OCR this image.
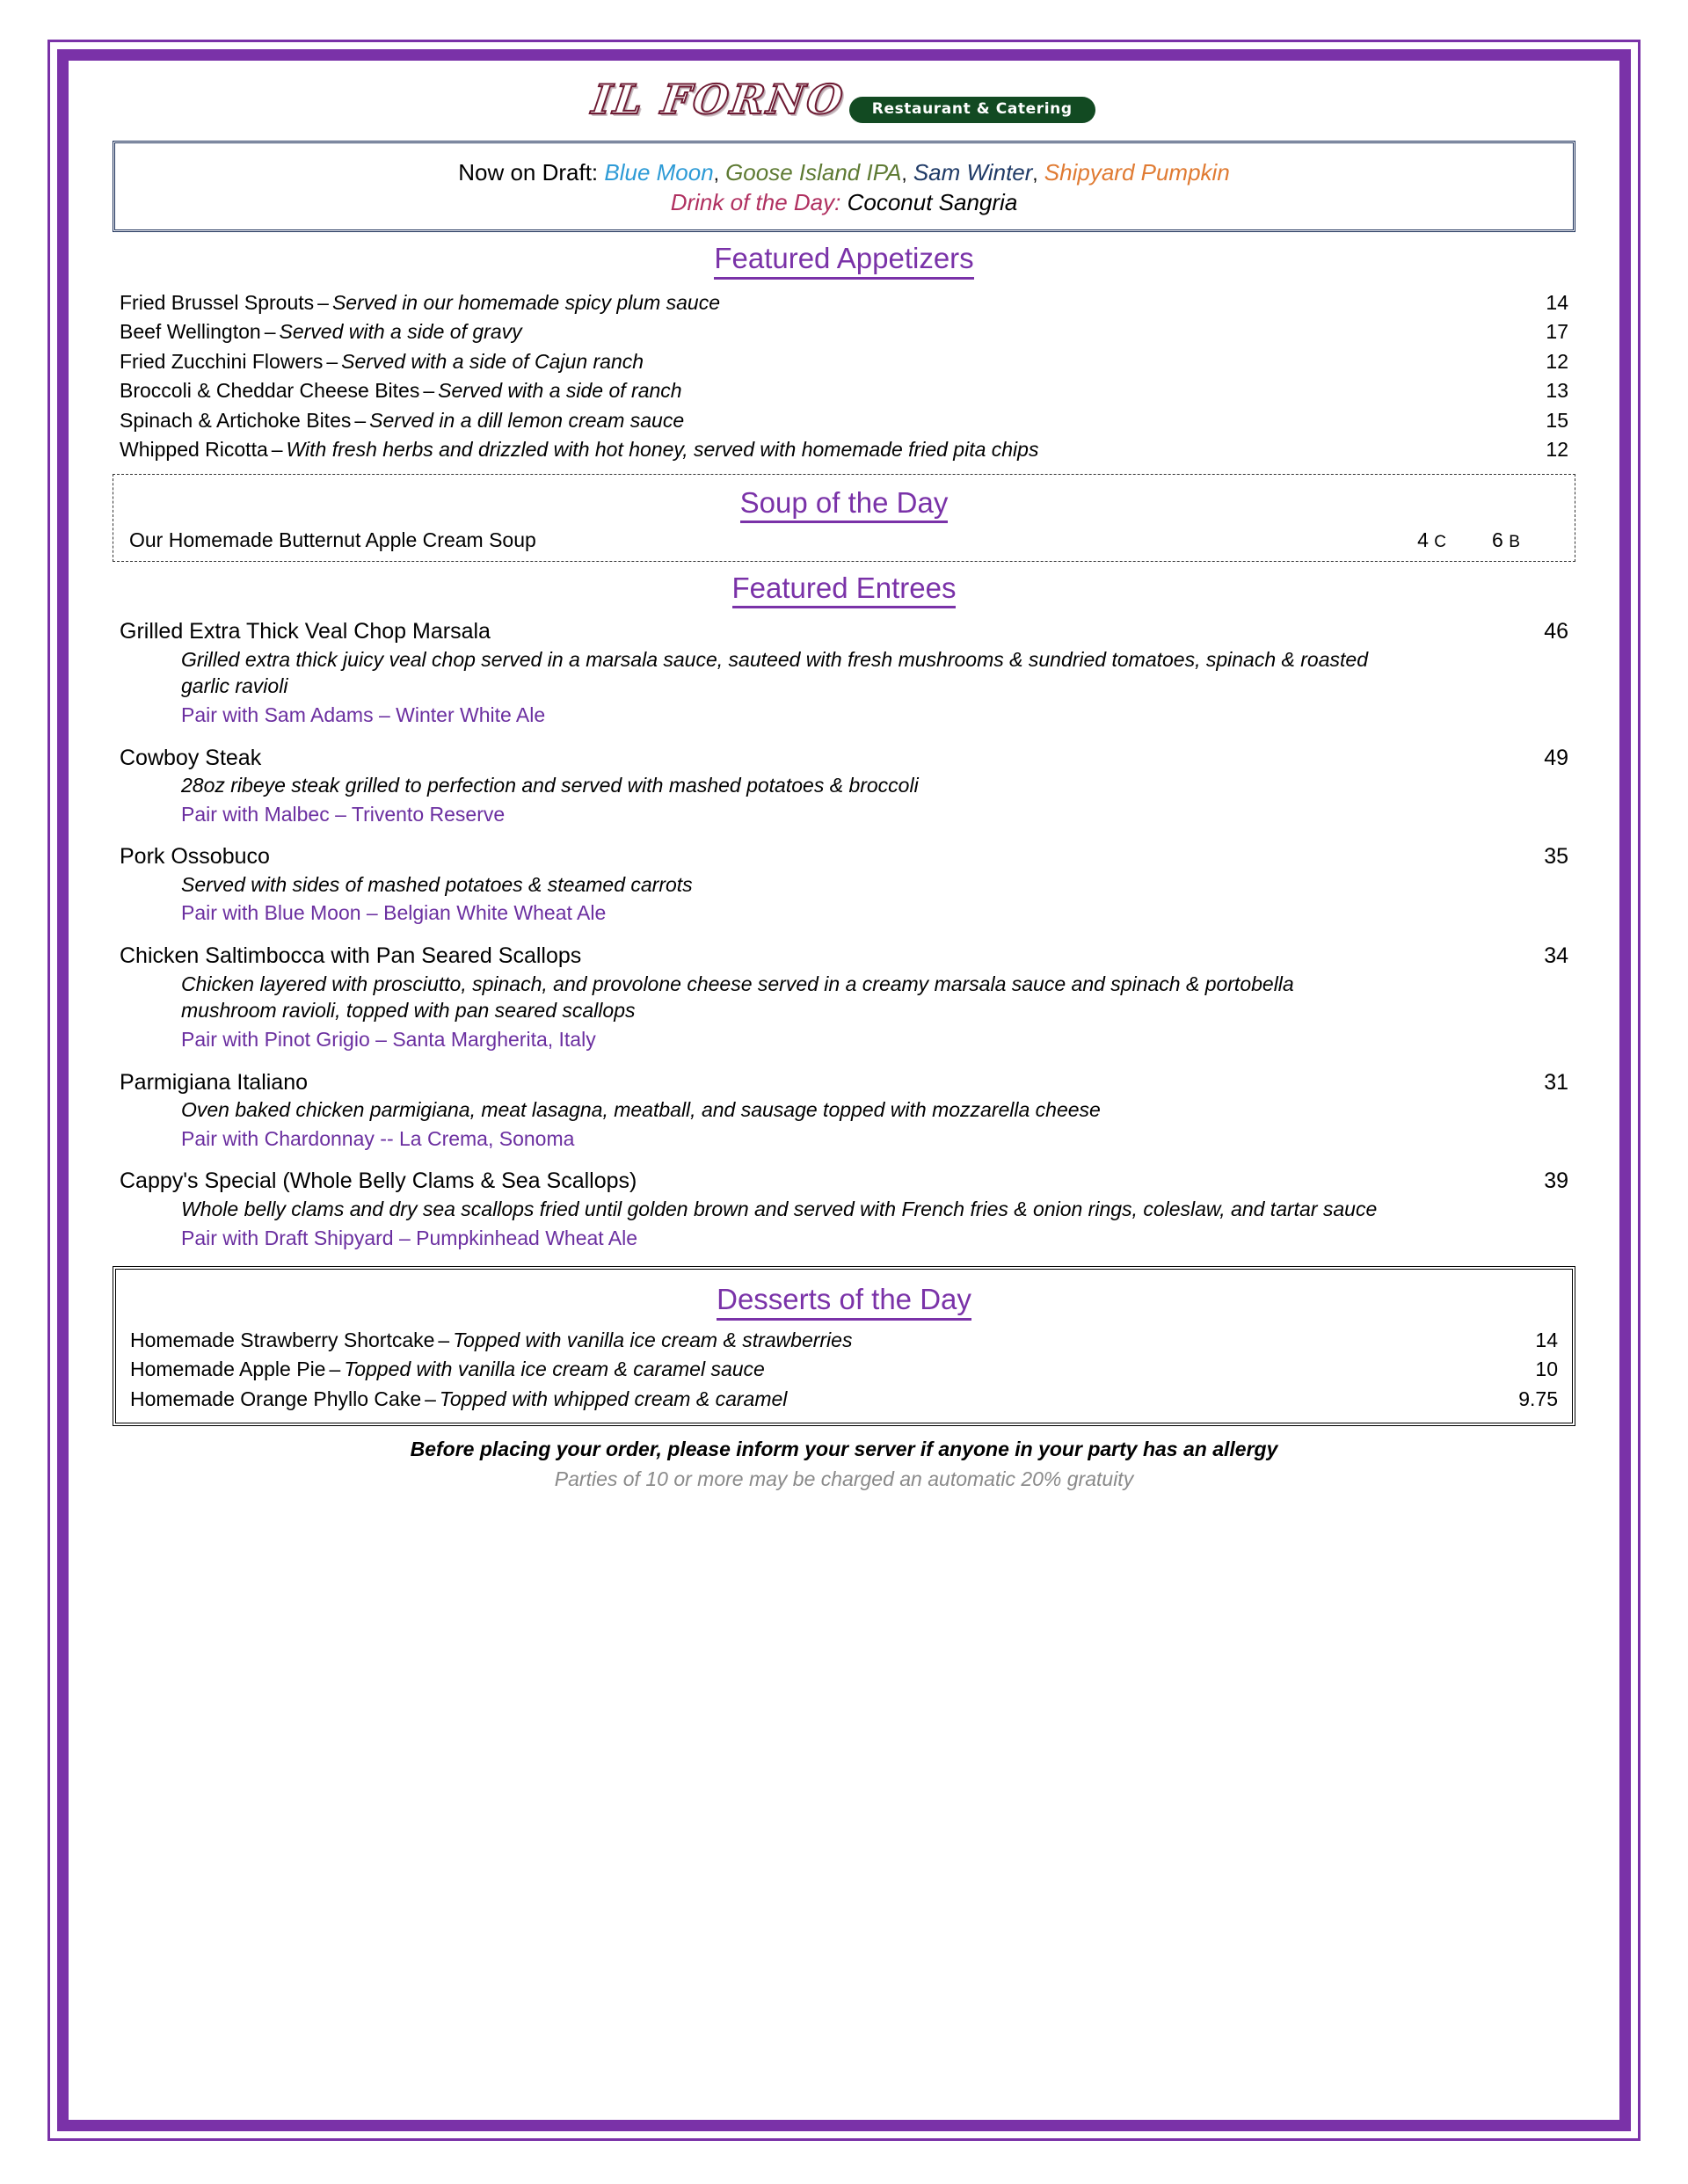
IL FORNO Restaurant & Catering
Now on Draft: Blue Moon, Goose Island IPA, Sam Winter, Shipyard Pumpkin
Drink of the Day: Coconut Sangria
Featured Appetizers
Fried Brussel Sprouts – Served in our homemade spicy plum sauce	14
Beef Wellington – Served with a side of gravy	17
Fried Zucchini Flowers – Served with a side of Cajun ranch	12
Broccoli & Cheddar Cheese Bites – Served with a side of ranch	13
Spinach & Artichoke Bites – Served in a dill lemon cream sauce	15
Whipped Ricotta – With fresh herbs and drizzled with hot honey, served with homemade fried pita chips	12
Soup of the Day
Our Homemade Butternut Apple Cream Soup	4 C 6 B
Featured Entrees
Grilled Extra Thick Veal Chop Marsala	46
Grilled extra thick juicy veal chop served in a marsala sauce, sauteed with fresh mushrooms & sundried tomatoes, spinach & roasted garlic ravioli
Pair with Sam Adams – Winter White Ale
Cowboy Steak	49
28oz ribeye steak grilled to perfection and served with mashed potatoes & broccoli
Pair with Malbec – Trivento Reserve
Pork Ossobuco	35
Served with sides of mashed potatoes & steamed carrots
Pair with Blue Moon – Belgian White Wheat Ale
Chicken Saltimbocca with Pan Seared Scallops	34
Chicken layered with prosciutto, spinach, and provolone cheese served in a creamy marsala sauce and spinach & portobella mushroom ravioli, topped with pan seared scallops
Pair with Pinot Grigio – Santa Margherita, Italy
Parmigiana Italiano	31
Oven baked chicken parmigiana, meat lasagna, meatball, and sausage topped with mozzarella cheese
Pair with Chardonnay -- La Crema, Sonoma
Cappy's Special (Whole Belly Clams & Sea Scallops)	39
Whole belly clams and dry sea scallops fried until golden brown and served with French fries & onion rings, coleslaw, and tartar sauce
Pair with Draft Shipyard – Pumpkinhead Wheat Ale
Desserts of the Day
Homemade Strawberry Shortcake – Topped with vanilla ice cream & strawberries	14
Homemade Apple Pie – Topped with vanilla ice cream & caramel sauce	10
Homemade Orange Phyllo Cake – Topped with whipped cream & caramel	9.75
Before placing your order, please inform your server if anyone in your party has an allergy
Parties of 10 or more may be charged an automatic 20% gratuity
